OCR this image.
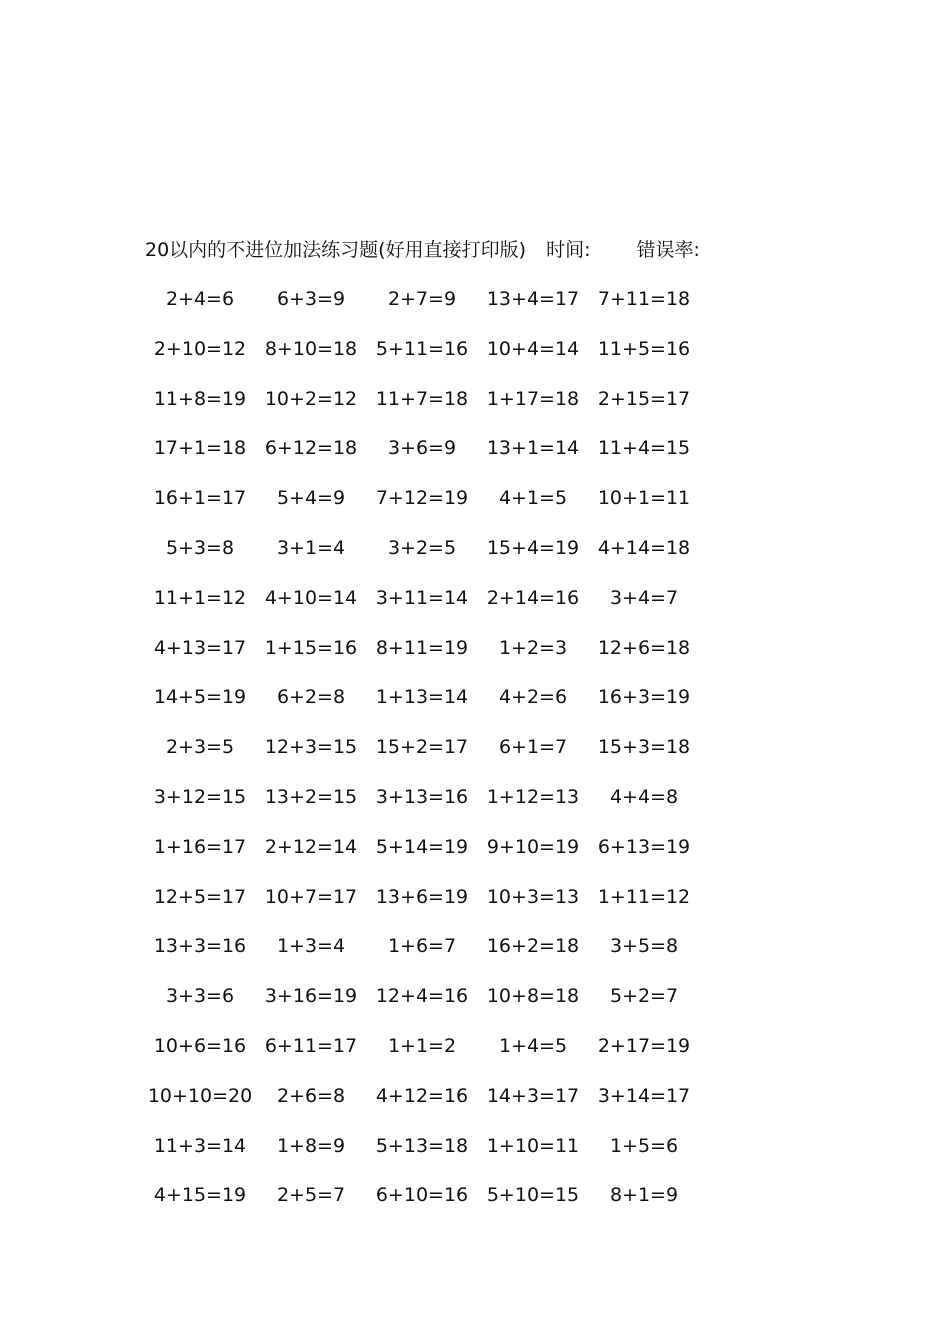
20以内的不进位加法练习题(好用直接打印版) 时间: 错误率:
2+4=6	6+3=9	2+7=9	13+4=17 7+11=18
2+10=12 8+10=18 5+11=16 10+4=14 11+5=16
11+8=19 10+2=12 11+7=18 1+17=18 2+15=17
17+1=18 6+12=18	3+6=9	13+1=14 11+4=15
16+1=17	5+4=9	7+12=19	4+1=5	10+1=11
5+3=8	3+1=4	3+2=5	15+4=19 4+14=18
11+1=12 4+10=14 3+11=14 2+14=16	3+4=7
4+13=17 1+15=16 8+11=19	1+2=3	12+6=18
14+5=19	6+2=8	1+13=14	4+2=6	16+3=19
2+3=5	12+3=15 15+2=17	6+1=7	15+3=18
3+12=15 13+2=15 3+13=16 1+12=13	4+4=8
1+16=17 2+12=14 5+14=19 9+10=19 6+13=19
12+5=17 10+7=17 13+6=19 10+3=13 1+11=12
13+3=16	1+3=4	1+6=7	16+2=18	3+5=8
3+3=6	3+16=19 12+4=16 10+8=18	5+2=7
10+6=16 6+11=17	1+1=2	1+4=5	2+17=19
10+10=20	2+6=8	4+12=16 14+3=17 3+14=17
11+3=14	1+8=9	5+13=18 1+10=11	1+5=6
4+15=19	2+5=7	6+10=16 5+10=15	8+1=9
